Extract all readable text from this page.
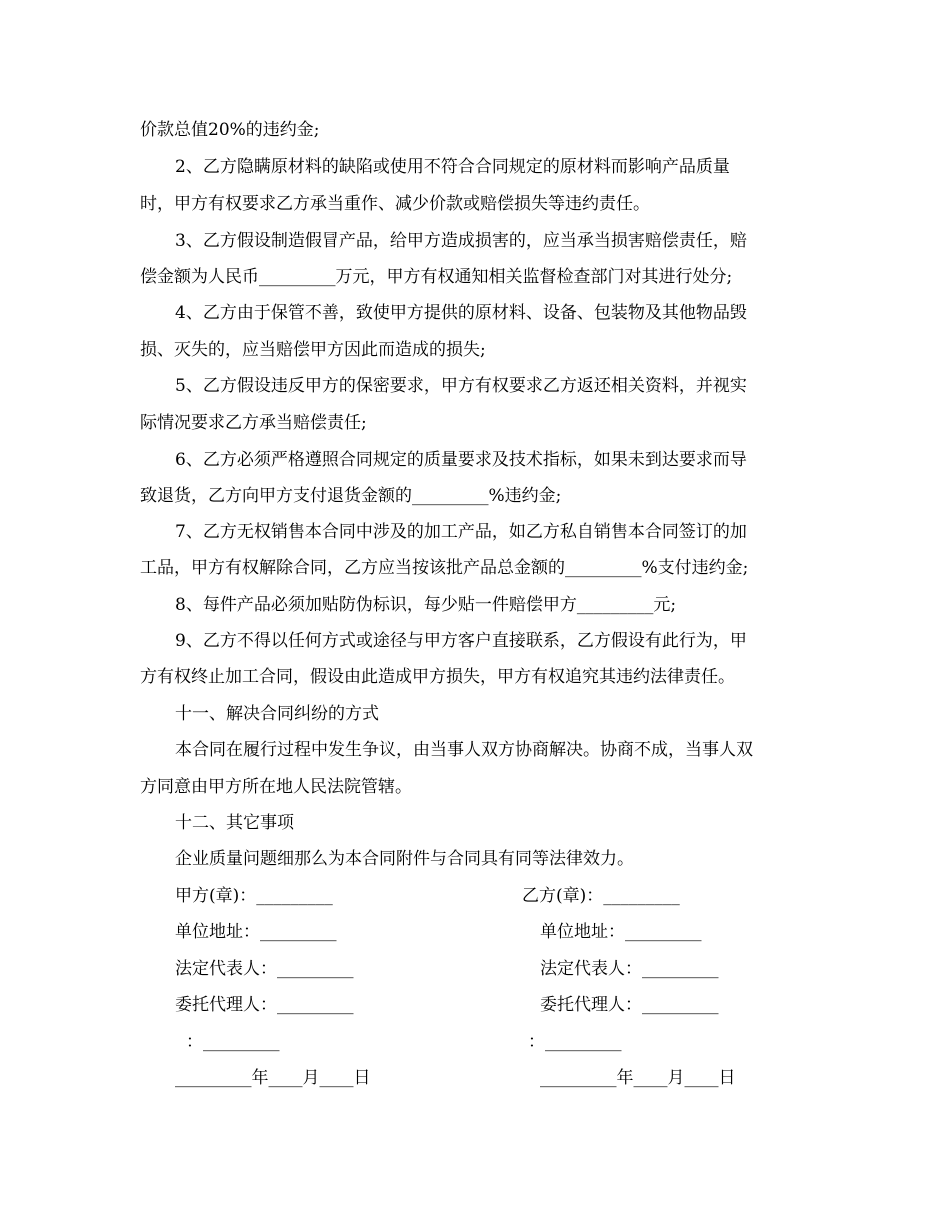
价款总值20%的违约金;
2、乙方隐瞒原材料的缺陷或使用不符合合同规定的原材料而影响产品质量
时，甲方有权要求乙方承当重作、减少价款或赔偿损失等违约责任。
3、乙方假设制造假冒产品，给甲方造成损害的，应当承当损害赔偿责任，赔
偿金额为人民币_________万元，甲方有权通知相关监督检查部门对其进行处分;
4、乙方由于保管不善，致使甲方提供的原材料、设备、包装物及其他物品毁
损、灭失的，应当赔偿甲方因此而造成的损失;
5、乙方假设违反甲方的保密要求，甲方有权要求乙方返还相关资料，并视实
际情况要求乙方承当赔偿责任;
6、乙方必须严格遵照合同规定的质量要求及技术指标，如果未到达要求而导
致退货，乙方向甲方支付退货金额的_________%违约金;
7、乙方无权销售本合同中涉及的加工产品，如乙方私自销售本合同签订的加
工品，甲方有权解除合同，乙方应当按该批产品总金额的_________%支付违约金;
8、每件产品必须加贴防伪标识，每少贴一件赔偿甲方_________元;
9、乙方不得以任何方式或途径与甲方客户直接联系，乙方假设有此行为，甲
方有权终止加工合同，假设由此造成甲方损失，甲方有权追究其违约法律责任。
十一、解决合同纠纷的方式
本合同在履行过程中发生争议，由当事人双方协商解决。协商不成，当事人双
方同意由甲方所在地人民法院管辖。
十二、其它事项
企业质量问题细那么为本合同附件与合同具有同等法律效力。
甲方(章)：_________
单位地址：_________
法定代表人：_________
委托代理人：_________
：_________
_________年____月____日
乙方(章)：_________
单位地址：_________
法定代表人：_________
委托代理人：_________
：_________
_________年____月____日
